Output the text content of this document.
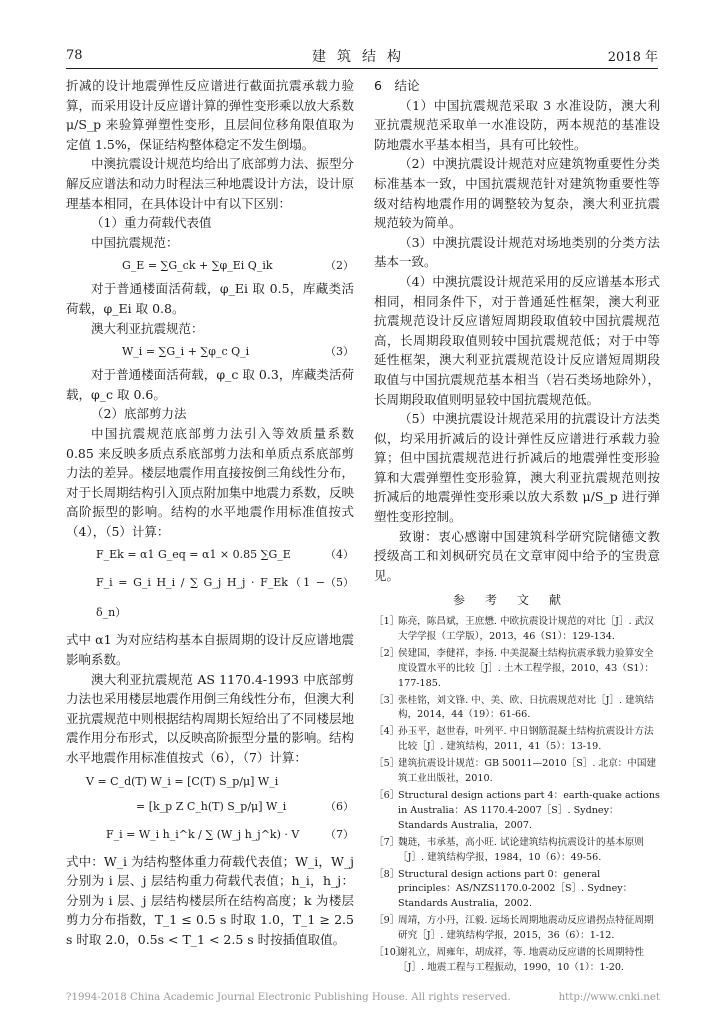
78	建筑结构	2018 年

折减的设计地震弹性反应谱进行截面抗震承载力验算，而采用设计反应谱计算的弹性变形乘以放大系数 μ/S_p 来验算弹塑性变形，且层间位移角限值取为定值 1.5%，保证结构整体稳定不发生倒塌。

中澳抗震设计规范均给出了底部剪力法、振型分解反应谱法和动力时程法三种地震设计方法，设计原理基本相同，在具体设计中有以下区别：

（1）重力荷载代表值

中国抗震规范：

G_E = ∑G_ck + ∑φ_Ei Q_ik	（2）

对于普通楼面活荷载，φ_Ei 取 0.5，库藏类活荷载，φ_Ei 取 0.8。

澳大利亚抗震规范：

W_i = ∑G_i + ∑φ_c Q_i	（3）

对于普通楼面活荷载，φ_c 取 0.3，库藏类活荷载，φ_c 取 0.6。

（2）底部剪力法

中国抗震规范底部剪力法引入等效质量系数 0.85 来反映多质点系底部剪力法和单质点系底部剪力法的差异。楼层地震作用直接按倒三角线性分布，对于长周期结构引入顶点附加集中地震力系数，反映高阶振型的影响。结构的水平地震作用标准值按式（4），（5）计算：

F_Ek = α1 G_eq = α1 × 0.85 ∑G_E	（4）
F_i = G_i H_i / ∑ G_j H_j · F_Ek（1 − δ_n）
（5）

式中 α1 为对应结构基本自振周期的设计反应谱地震影响系数。

澳大利亚抗震规范 AS 1170.4-1993 中底部剪力法也采用楼层地震作用倒三角线性分布，但澳大利亚抗震规范中则根据结构周期长短给出了不同楼层地震作用分布形式，以反映高阶振型分量的影响。结构水平地震作用标准值按式（6），（7）计算：

V = C_d(T) W_i = [C(T) S_p/μ] W_i
= [k_p Z C_h(T) S_p/μ] W_i	（6）
F_i = W_i h_i^k / ∑ (W_j h_j^k) · V （7）

式中：W_i 为结构整体重力荷载代表值；W_i，W_j 分别为 i 层、j 层结构重力荷载代表值；h_i，h_j：分别为 i 层、j 层结构楼层所在结构高度；k 为楼层剪力分布指数，T_1 ≤ 0.5 s 时取 1.0，T_1 ≥ 2.5 s 时取 2.0，0.5s < T_1 < 2.5 s 时按插值取值。

6　结论

（1）中国抗震规范采取 3 水准设防，澳大利亚抗震规范采取单一水准设防，两本规范的基准设防地震水平基本相当，具有可比较性。

（2）中澳抗震设计规范对应建筑物重要性分类标准基本一致，中国抗震规范针对建筑物重要性等级对结构地震作用的调整较为复杂，澳大利亚抗震规范较为简单。

（3）中澳抗震设计规范对场地类别的分类方法基本一致。

（4）中澳抗震设计规范采用的反应谱基本形式相同，相同条件下，对于普通延性框架，澳大利亚抗震规范设计反应谱短周期段取值较中国抗震规范高，长周期段取值则较中国抗震规范低；对于中等延性框架，澳大利亚抗震规范设计反应谱短周期段取值与中国抗震规范基本相当（岩石类场地除外），长周期段取值则明显较中国抗震规范低。

（5）中澳抗震设计规范采用的抗震设计方法类似，均采用折减后的设计弹性反应谱进行承载力验算；但中国抗震规范进行折减后的地震弹性变形验算和大震弹塑性变形验算，澳大利亚抗震规范则按折减后的地震弹性变形乘以放大系数 μ/S_p 进行弹塑性变形控制。

致谢：衷心感谢中国建筑科学研究院储德文教授级高工和刘枫研究员在文章审阅中给予的宝贵意见。

参考文献
［1］
陈亮，陈昌斌，王庶懋. 中欧抗震设计规范的对比［J］. 武汉大学学报（工学版），2013，46（S1）：129-134.
［2］
侯建国，李健祥，李扬. 中美混凝土结构抗震承载力验算安全度设置水平的比较［J］. 土木工程学报，2010，43（S1）：177-185.
［3］
张桂铭，刘文锋. 中、美、欧、日抗震规范对比［J］. 建筑结构，2014，44（19）：61-66.
［4］
孙玉平，赵世春，叶列平. 中日钢筋混凝土结构抗震设计方法比较［J］. 建筑结构，2011，41（5）：13-19.
［5］
建筑抗震设计规范：GB 50011—2010［S］. 北京：中国建筑工业出版社，2010.
［6］
Structural design actions part 4：earth-quake actions in Australia：AS 1170.4-2007［S］. Sydney：Standards Australia，2007.
［7］
魏琏，韦承基，高小旺. 试论建筑结构抗震设计的基本原则［J］. 建筑结构学报，1984，10（6）：49-56.
［8］
Structural design actions part 0：general principles：AS/NZS1170.0-2002［S］. Sydney：Standards Australia，2002.
［9］
周靖，方小丹，江毅. 远场长周期地震动反应谱拐点特征周期研究［J］. 建筑结构学报，2015，36（6）：1-12.
［10］
谢礼立，周雍年，胡成祥，等. 地震动反应谱的长周期特性［J］. 地震工程与工程振动，1990，10（1）：1-20.
?1994-2018 China Academic Journal Electronic Publishing House. All rights reserved.	http://www.cnki.net
